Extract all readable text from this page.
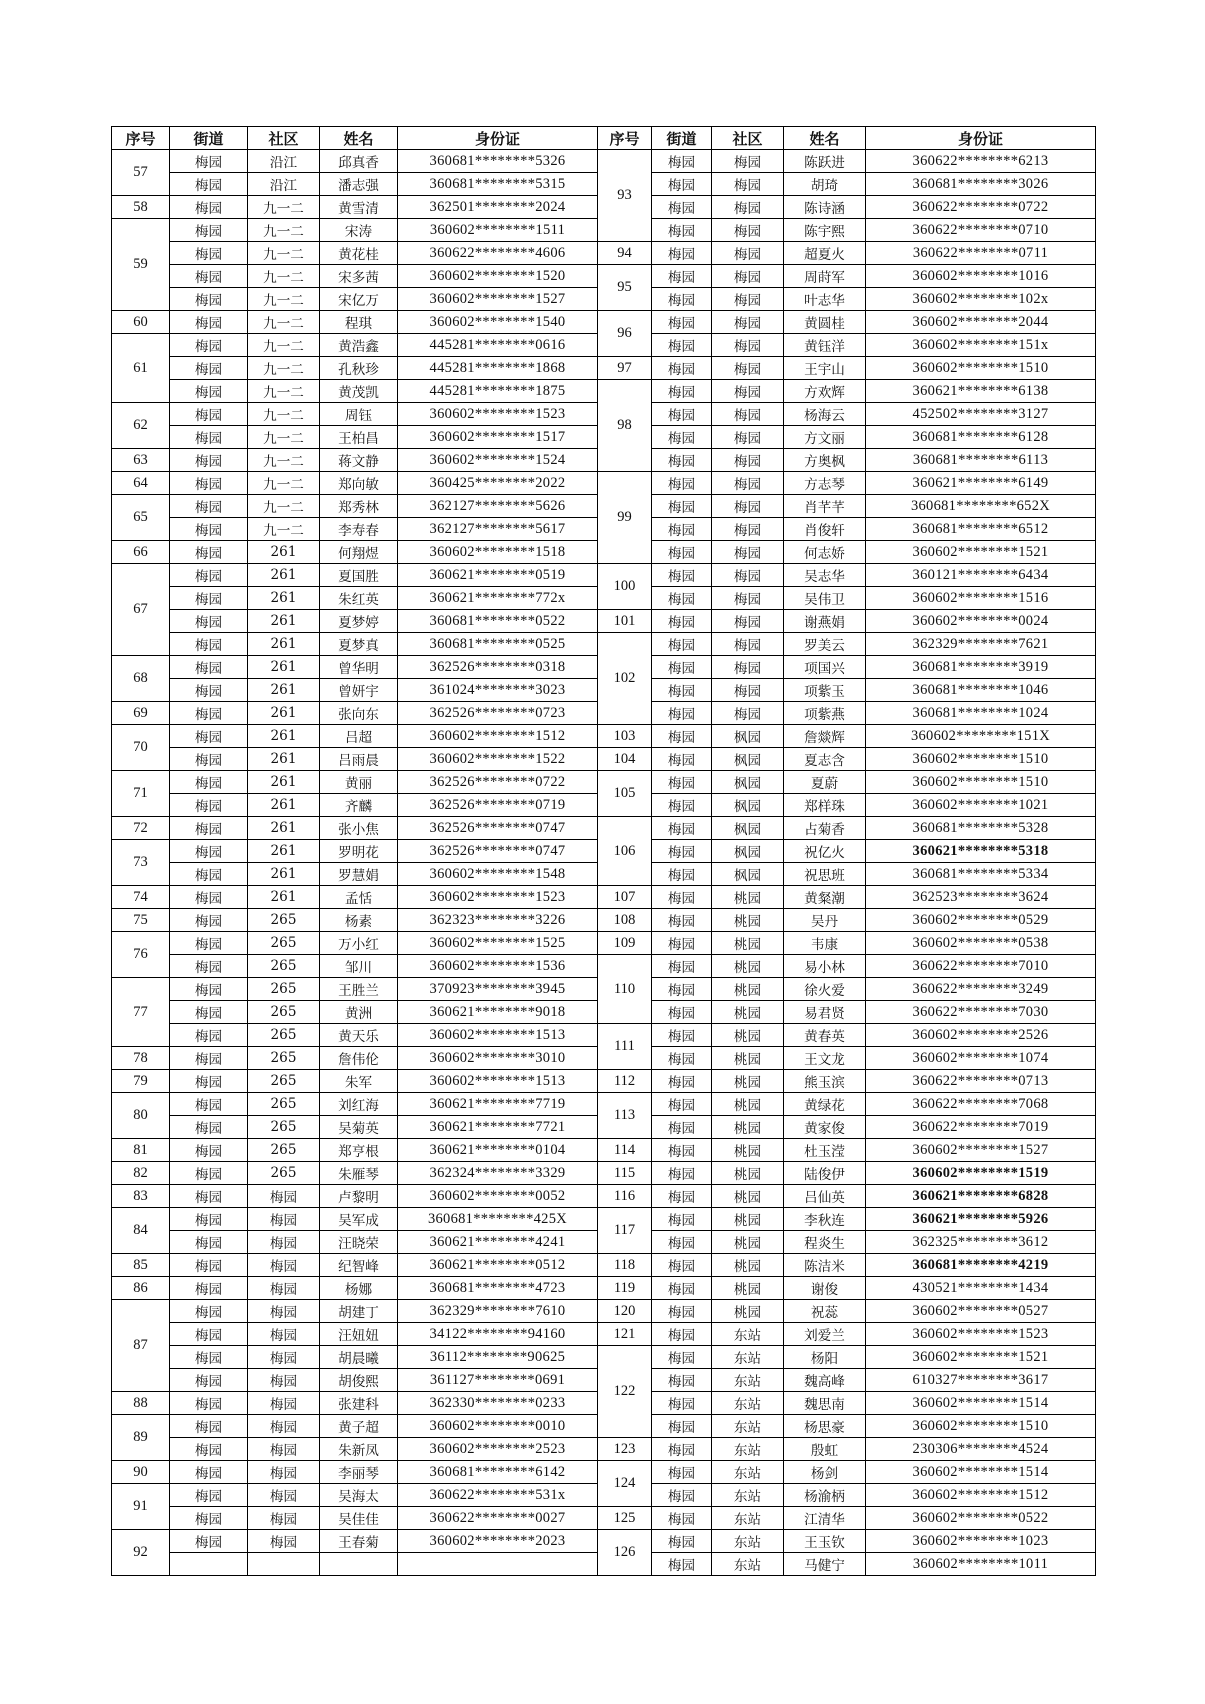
序号	街道	社区	姓名	身份证	序号	街道	社区	姓名	身份证
57	梅园	沿江	邱真香	360681********5326	93	梅园	梅园	陈跃进	360622********6213
	梅园	沿江	潘志强	360681********5315		梅园	梅园	胡琦	360681********3026
58	梅园	九一二	黄雪清	362501********2024		梅园	梅园	陈诗涵	360622********0722
59	梅园	九一二	宋涛	360602********1511		梅园	梅园	陈宇熙	360622********0710
	梅园	九一二	黄花桂	360622********4606	94	梅园	梅园	超夏火	360622********0711
	梅园	九一二	宋多茜	360602********1520	95	梅园	梅园	周莳军	360602********1016
	梅园	九一二	宋亿万	360602********1527		梅园	梅园	叶志华	360602********102x
60	梅园	九一二	程琪	360602********1540	96	梅园	梅园	黄圆桂	360602********2044
61	梅园	九一二	黄浩鑫	445281********0616		梅园	梅园	黄钰洋	360602********151x
	梅园	九一二	孔秋珍	445281********1868	97	梅园	梅园	王宇山	360602********1510
	梅园	九一二	黄茂凯	445281********1875	98	梅园	梅园	方欢辉	360621********6138
62	梅园	九一二	周钰	360602********1523		梅园	梅园	杨海云	452502********3127
	梅园	九一二	王柏昌	360602********1517		梅园	梅园	方文丽	360681********6128
63	梅园	九一二	蒋文静	360602********1524		梅园	梅园	方奥枫	360681********6113
64	梅园	九一二	郑向敏	360425********2022	99	梅园	梅园	方志琴	360621********6149
65	梅园	九一二	郑秀林	362127********5626		梅园	梅园	肖芊芊	360681********652X
	梅园	九一二	李寿春	362127********5617		梅园	梅园	肖俊轩	360681********6512
66	梅园	261	何翔煜	360602********1518		梅园	梅园	何志娇	360602********1521
67	梅园	261	夏国胜	360621********0519	100	梅园	梅园	吴志华	360121********6434
	梅园	261	朱红英	360621********772x		梅园	梅园	吴伟卫	360602********1516
	梅园	261	夏梦婷	360681********0522	101	梅园	梅园	谢燕娟	360602********0024
	梅园	261	夏梦真	360681********0525	102	梅园	梅园	罗美云	362329********7621
68	梅园	261	曾华明	362526********0318		梅园	梅园	项国兴	360681********3919
	梅园	261	曾妍宇	361024********3023		梅园	梅园	项紫玉	360681********1046
69	梅园	261	张向东	362526********0723		梅园	梅园	项紫燕	360681********1024
70	梅园	261	吕超	360602********1512	103	梅园	枫园	詹燚辉	360602********151X
	梅园	261	吕雨晨	360602********1522	104	梅园	枫园	夏志含	360602********1510
71	梅园	261	黄丽	362526********0722	105	梅园	枫园	夏蔚	360602********1510
	梅园	261	齐麟	362526********0719		梅园	枫园	郑样珠	360602********1021
72	梅园	261	张小焦	362526********0747	106	梅园	枫园	占菊香	360681********5328
73	梅园	261	罗明花	362526********0747		梅园	枫园	祝亿火	360621********5318
	梅园	261	罗慧娟	360602********1548		梅园	枫园	祝思班	360681********5334
74	梅园	261	孟恬	360602********1523	107	梅园	桃园	黄粲潮	362523********3624
75	梅园	265	杨素	362323********3226	108	梅园	桃园	吴丹	360602********0529
76	梅园	265	万小红	360602********1525	109	梅园	桃园	韦康	360602********0538
	梅园	265	邹川	360602********1536	110	梅园	桃园	易小林	360622********7010
77	梅园	265	王胜兰	370923********3945		梅园	桃园	徐火爱	360622********3249
	梅园	265	黄洲	360621********9018		梅园	桃园	易君贤	360622********7030
	梅园	265	黄天乐	360602********1513	111	梅园	桃园	黄春英	360602********2526
78	梅园	265	詹伟伦	360602********3010		梅园	桃园	王文龙	360602********1074
79	梅园	265	朱军	360602********1513	112	梅园	桃园	熊玉滨	360622********0713
80	梅园	265	刘红海	360621********7719	113	梅园	桃园	黄绿花	360622********7068
	梅园	265	吴菊英	360621********7721		梅园	桃园	黄家俊	360622********7019
81	梅园	265	郑亨根	360621********0104	114	梅园	桃园	杜玉滢	360602********1527
82	梅园	265	朱雁琴	362324********3329	115	梅园	桃园	陆俊伊	360602********1519
83	梅园	梅园	卢黎明	360602********0052	116	梅园	桃园	吕仙英	360621********6828
84	梅园	梅园	吴军成	360681********425X	117	梅园	桃园	李秋连	360621********5926
	梅园	梅园	汪晓荣	360621********4241		梅园	桃园	程炎生	362325********3612
85	梅园	梅园	纪智峰	360621********0512	118	梅园	桃园	陈洁米	360681********4219
86	梅园	梅园	杨娜	360681********4723	119	梅园	桃园	谢俊	430521********1434
87	梅园	梅园	胡建丁	362329********7610	120	梅园	桃园	祝蕊	360602********0527
	梅园	梅园	汪妞妞	34122********94160	121	梅园	东站	刘爱兰	360602********1523
	梅园	梅园	胡晨曦	36112********90625	122	梅园	东站	杨阳	360602********1521
	梅园	梅园	胡俊熙	361127********0691		梅园	东站	魏高峰	610327********3617
88	梅园	梅园	张建科	362330********0233		梅园	东站	魏思南	360602********1514
89	梅园	梅园	黄子超	360602********0010		梅园	东站	杨思豪	360602********1510
	梅园	梅园	朱新凤	360602********2523	123	梅园	东站	殷虹	230306********4524
90	梅园	梅园	李丽琴	360681********6142	124	梅园	东站	杨剑	360602********1514
91	梅园	梅园	吴海太	360622********531x		梅园	东站	杨渝柄	360602********1512
	梅园	梅园	吴佳佳	360622********0027	125	梅园	东站	江清华	360602********0522
92	梅园	梅园	王春菊	360602********2023	126	梅园	东站	王玉钦	360602********1023
						梅园	东站	马健宁	360602********1011
